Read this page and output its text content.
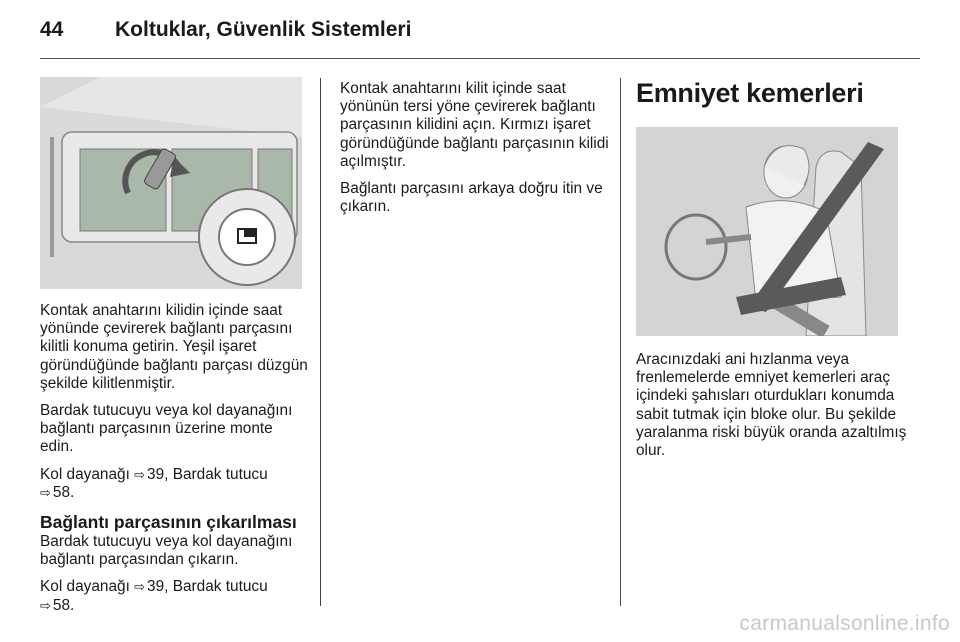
44 Koltuklar, Güvenlik Sistemleri

Kontak anahtarını kilidin içinde saat yönünde çevirerek bağlantı parçasını kilitli konuma getirin. Yeşil işaret göründüğünde bağlantı parçası düzgün şekilde kilitlenmiştir.

Bardak tutucuyu veya kol dayanağını bağlantı parçasının üzerine monte edin.

Kol dayanağı ⇨ 39, Bardak tutucu
⇨ 58.

Bağlantı parçasının çıkarılması

Bardak tutucuyu veya kol dayanağını bağlantı parçasından çıkarın.

Kol dayanağı ⇨ 39, Bardak tutucu
⇨ 58.

Kontak anahtarını kilit içinde saat yönünün tersi yöne çevirerek bağlantı parçasının kilidini açın. Kırmızı işaret göründüğünde bağlantı parçasının kilidi açılmıştır.

Bağlantı parçasını arkaya doğru itin ve çıkarın.

Emniyet kemerleri

Aracınızdaki ani hızlanma veya frenlemelerde emniyet kemerleri araç içindeki şahısları oturdukları konumda sabit tutmak için bloke olur. Bu şekilde yaralanma riski büyük oranda azaltılmış olur.

carmanualsonline.info
